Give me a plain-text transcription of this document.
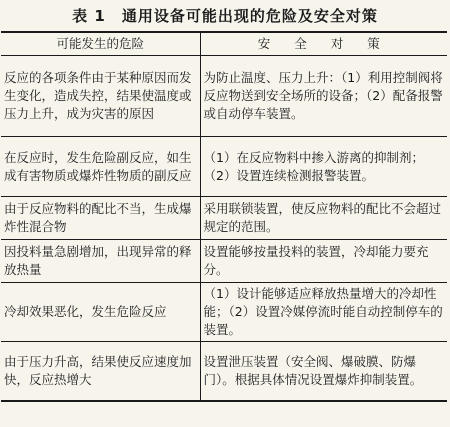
表 1 通用设备可能出现的危险及安全对策
可能发生的危险	安 全 对 策
反应的各项条件由于某种原因而发生变化，造成失控，结果使温度或压力上升，成为灾害的原因	为防止温度、压力上升：（1）利用控制阀将反应物送到安全场所的设备；（2）配备报警或自动停车装置。
在反应时，发生危险副反应，如生成有害物质或爆炸性物质的副反应	（1）在反应物料中掺入游离的抑制剂；（2）设置连续检测报警装置。
由于反应物料的配比不当，生成爆炸性混合物	采用联锁装置，使反应物料的配比不会超过规定的范围。
因投料量急剧增加，出现异常的释放热量	设置能够按量投料的装置，冷却能力要充分。
冷却效果恶化，发生危险反应	（1）设计能够适应释放热量增大的冷却性能；（2）设置冷媒停流时能自动控制停车的装置。
由于压力升高，结果使反应速度加快，反应热增大	设置泄压装置（安全阀、爆破膜、防爆门）。根据具体情况设置爆炸抑制装置。
